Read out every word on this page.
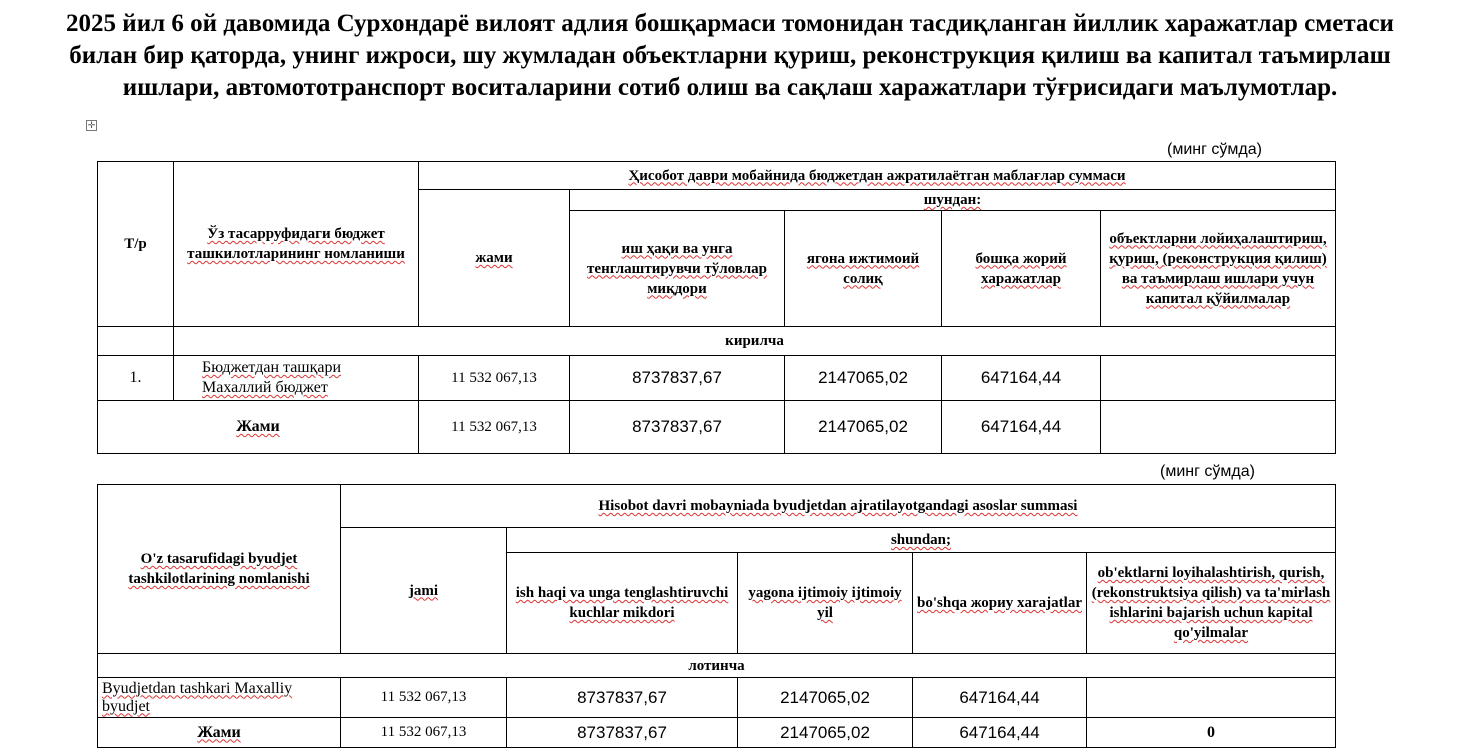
2025 йил 6 ой давомида Сурхондарё вилоят адлия бошқармаси томонидан тасдиқланган йиллик харажатлар сметаси билан бир қаторда, унинг ижроси, шу жумладан объектларни қуриш, реконструкция қилиш ва капитал таъмирлаш ишлари, автомототранспорт воситаларини сотиб олиш ва сақлаш харажатлари тўғрисидаги маълумотлар.
✛
(минг сўмда)
Т/р	Ўз тасарруфидаги бюджет ташкилотларининг номланиши	Ҳисобот даври мобайнида бюджетдан ажратилаётган маблағлар суммаси				
		жами	шундан:			
			иш ҳақи ва унга тенглаштирувчи тўловлар миқдори	ягона ижтимоий солиқ	бошқа жорий харажатлар	объектларни лойиҳалаштириш, қуриш, (реконструкция қилиш) ва таъмирлаш ишлари учун капитал қўйилмалар
	кирилча					
1.	Бюджетдан ташқари Махаллий бюджет	11 532 067,13	8737837,67	2147065,02	647164,44	
Жами		11 532 067,13	8737837,67	2147065,02	647164,44	
(минг сўмда)
O'z tasarufidagi byudjet tashkilotlarining nomlanishi	Hisobot davri mobayniada byudjetdan ajratilayotgandagi asoslar summasi				
	jami	shundan;			
		ish haqi va unga tenglashtiruvchi kuchlar mikdori	yagona ijtimoiy ijtimoiy yil	bo'shqa жориу xarajatlar	ob'ektlarni loyihalashtirish, qurish, (rekonstruktsiya qilish) va ta'mirlash ishlarini bajarish uchun kapital qo'yilmalar
лотинча					
Byudjetdan tashkari Maxalliy byudjet	11 532 067,13	8737837,67	2147065,02	647164,44	
Жами	11 532 067,13	8737837,67	2147065,02	647164,44	0
